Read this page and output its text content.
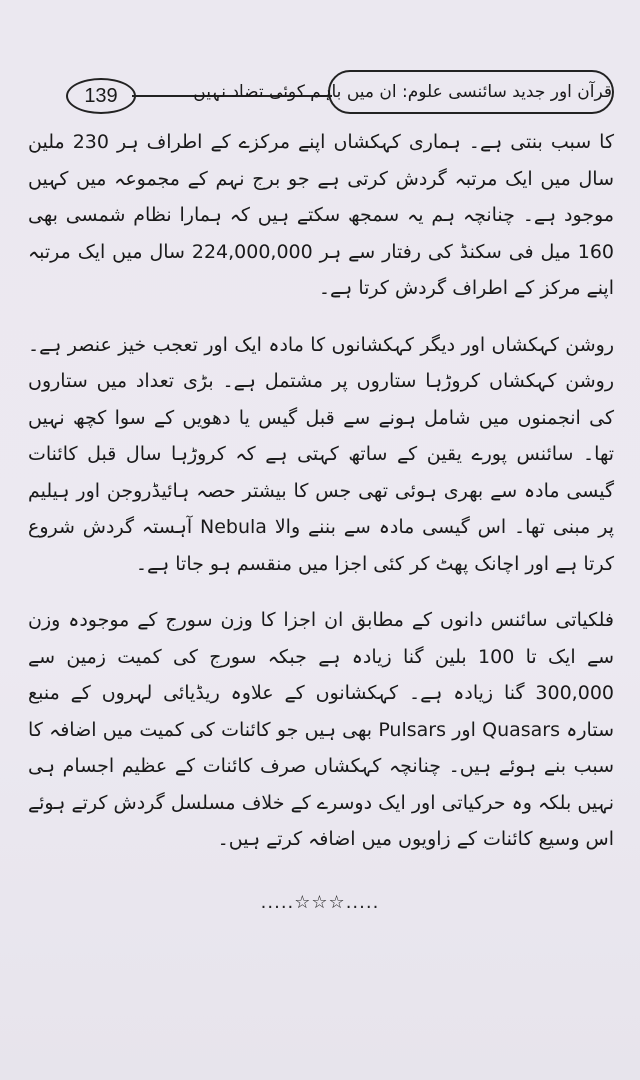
139	قرآن اور جدید سائنسی علوم: ان میں باہم کوئی تضاد نہیں

کا سبب بنتی ہے۔ ہماری کہکشاں اپنے مرکزے کے اطراف ہر 230 ملین سال میں ایک مرتبہ گردش کرتی ہے جو برج نہم کے مجموعہ میں کہیں موجود ہے۔ چنانچہ ہم یہ سمجھ سکتے ہیں کہ ہمارا نظام شمسی بھی 160 میل فی سکنڈ کی رفتار سے ہر 224,000,000 سال میں ایک مرتبہ اپنے مرکز کے اطراف گردش کرتا ہے۔

روشن کہکشاں اور دیگر کہکشانوں کا مادہ ایک اور تعجب خیز عنصر ہے۔ روشن کہکشاں کروڑہا ستاروں پر مشتمل ہے۔ بڑی تعداد میں ستاروں کی انجمنوں میں شامل ہونے سے قبل گیس یا دھویں کے سوا کچھ نہیں تھا۔ سائنس پورے یقین کے ساتھ کہتی ہے کہ کروڑہا سال قبل کائنات گیسی مادہ سے بھری ہوئی تھی جس کا بیشتر حصہ ہائیڈروجن اور ہیلیم پر مبنی تھا۔ اس گیسی مادہ سے بننے والا Nebula آہستہ گردش شروع کرتا ہے اور اچانک پھٹ کر کئی اجزا میں منقسم ہو جاتا ہے۔

فلکیاتی سائنس دانوں کے مطابق ان اجزا کا وزن سورج کے موجودہ وزن سے ایک تا 100 بلین گنا زیادہ ہے جبکہ سورج کی کمیت زمین سے 300,000 گنا زیادہ ہے۔ کہکشانوں کے علاوہ ریڈیائی لہروں کے منبع ستارہ Quasars اور Pulsars بھی ہیں جو کائنات کی کمیت میں اضافہ کا سبب بنے ہوئے ہیں۔ چنانچہ کہکشاں صرف کائنات کے عظیم اجسام ہی نہیں بلکہ وہ حرکیاتی اور ایک دوسرے کے خلاف مسلسل گردش کرتے ہوئے اس وسیع کائنات کے زاویوں میں اضافہ کرتے ہیں۔

.....☆☆☆.....
